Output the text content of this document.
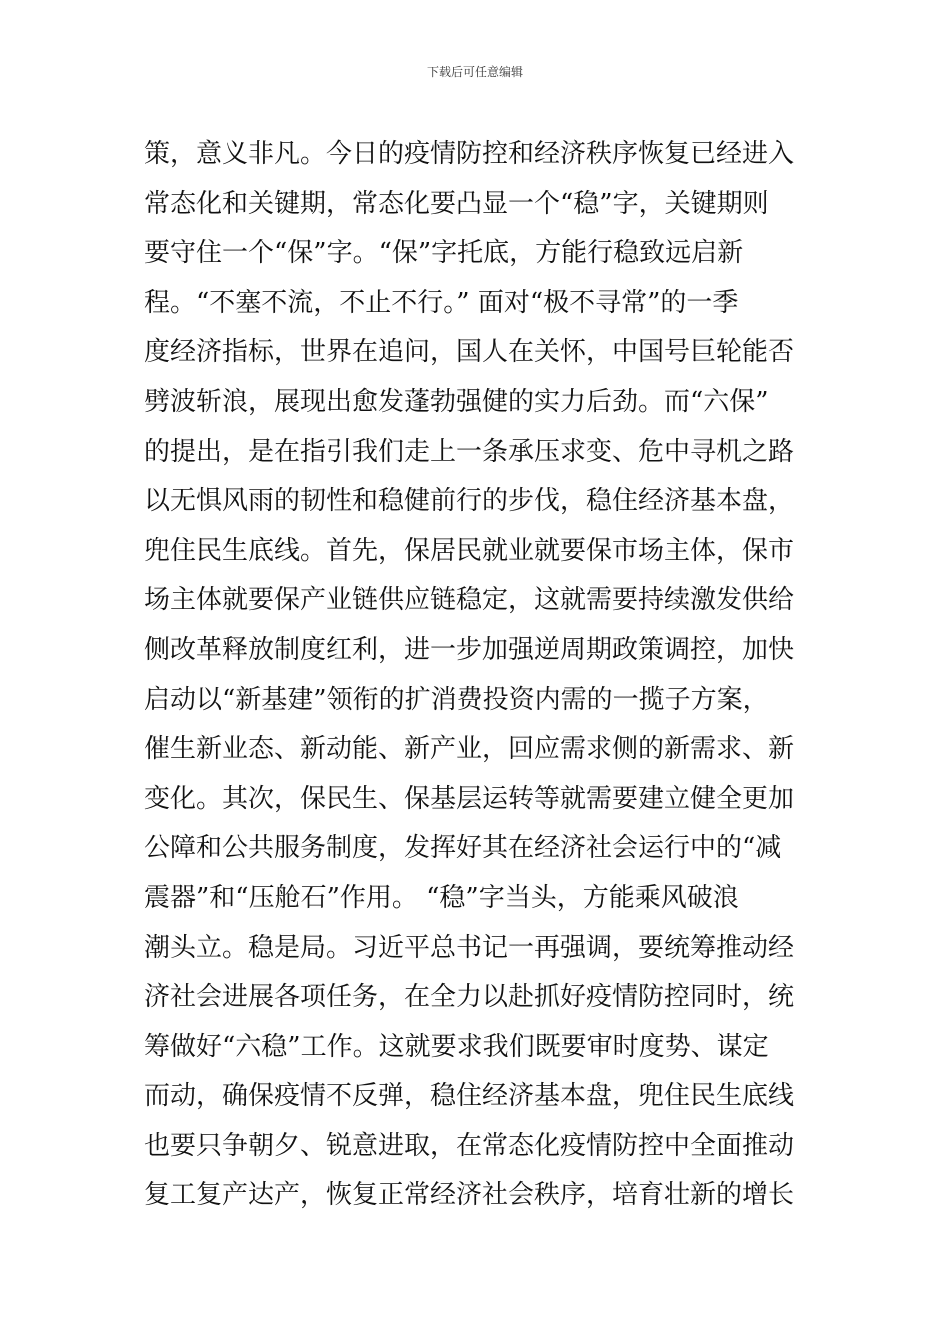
下载后可任意编辑
策，意义非凡。今日的疫情防控和经济秩序恢复已经进入
常态化和关键期，常态化要凸显一个“稳”字，关键期则
要守住一个“保”字。“保”字托底，方能行稳致远启新
程。“不塞不流，不止不行。” 面对“极不寻常”的一季
度经济指标，世界在追问，国人在关怀，中国号巨轮能否
劈波斩浪，展现出愈发蓬勃强健的实力后劲。而“六保”
的提出，是在指引我们走上一条承压求变、危中寻机之路
以无惧风雨的韧性和稳健前行的步伐，稳住经济基本盘，
兜住民生底线。首先，保居民就业就要保市场主体，保市
场主体就要保产业链供应链稳定，这就需要持续激发供给
侧改革释放制度红利，进一步加强逆周期政策调控，加快
启动以“新基建”领衔的扩消费投资内需的一揽子方案，
催生新业态、新动能、新产业，回应需求侧的新需求、新
变化。其次，保民生、保基层运转等就需要建立健全更加
公障和公共服务制度，发挥好其在经济社会运行中的“减
震器”和“压舱石”作用。 “稳”字当头，方能乘风破浪
潮头立。稳是局。习近平总书记一再强调，要统筹推动经
济社会进展各项任务，在全力以赴抓好疫情防控同时，统
筹做好“六稳”工作。这就要求我们既要审时度势、谋定
而动，确保疫情不反弹，稳住经济基本盘，兜住民生底线
也要只争朝夕、锐意进取，在常态化疫情防控中全面推动
复工复产达产，恢复正常经济社会秩序，培育壮新的增长
